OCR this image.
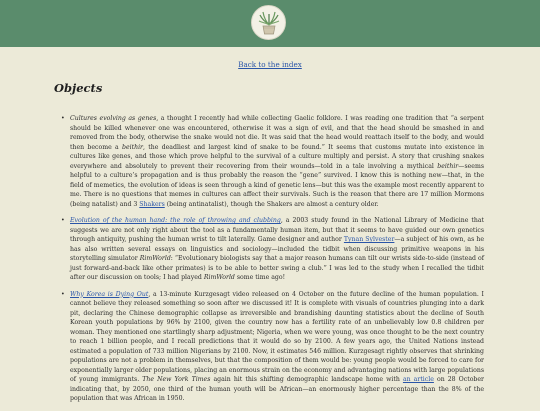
Back to the index
Objects
• Cultures evolving as genes, a thought I recently had while collecting Gaelic folklore. I was reading one tradition that “a serpent should be killed whenever one was encountered, otherwise it was a sign of evil, and that the head should be smashed in and removed from the body, otherwise the snake would not die. It was said that the head would reattach itself to the body, and would then become a beithir, the deadliest and largest kind of snake to be found.” It seems that customs mutate into existence in cultures like genes, and those which prove helpful to the survival of a culture multiply and persist. A story that crushing snakes everywhere and absolutely to prevent their recovering from their wounds—told in a tale involving a mythical beithir—seems helpful to a culture’s propagation and is thus probably the reason the “gene” survived. I know this is nothing new—that, in the field of memetics, the evolution of ideas is seen through a kind of genetic lens—but this was the example most recently apparent to me. There is no questions that memes in cultures can affect their survivals. Such is the reason that there are 17 million Mormons (being natalist) and 3 Shakers (being antinatalist), though the Shakers are almost a century older.

• Evolution of the human hand: the role of throwing and clubbing, a 2003 study found in the National Library of Medicine that suggests we are not only right about the tool as a fundamentally human item, but that it seems to have guided our own genetics through antiquity, pushing the human wrist to tilt laterally. Game designer and author Tynan Sylvester—a subject of his own, as he has also written several essays on linguistics and sociology—included the tidbit when discussing primitive weapons in his storytelling simulator RimWorld: “Evolutionary biologists say that a major reason humans can tilt our wrists side-to-side (instead of just forward-and-back like other primates) is to be able to better swing a club.” I was led to the study when I recalled the tidbit after our discussion on tools; I had played RimWorld some time ago!

• Why Korea is Dying Out, a 13-minute Kurzgesagt video released on 4 October on the future decline of the human population. I cannot believe they released something so soon after we discussed it! It is complete with visuals of countries plunging into a dark pit, declaring the Chinese demographic collapse as irreversible and brandishing daunting statistics about the decline of South Korean youth populations by 96% by 2100, given the country now has a fertility rate of an unbelievably low 0.8 children per woman. They mentioned one startlingly sharp adjustment; Nigeria, when we were young, was once thought to be the next country to reach 1 billion people, and I recall predictions that it would do so by 2100. A few years ago, the United Nations instead estimated a population of 733 million Nigerians by 2100. Now, it estimates 546 million. Kurzgesagt rightly observes that shrinking populations are not a problem in themselves, but that the composition of them would be: young people would be forced to care for exponentially larger older populations, placing an enormous strain on the economy and advantaging nations with large populations of young immigrants. The New York Times again hit this shifting demographic landscape home with an article on 28 October indicating that, by 2050, one third of the human youth will be African—an enormously higher percentage than the 8% of the population that was African in 1950.
